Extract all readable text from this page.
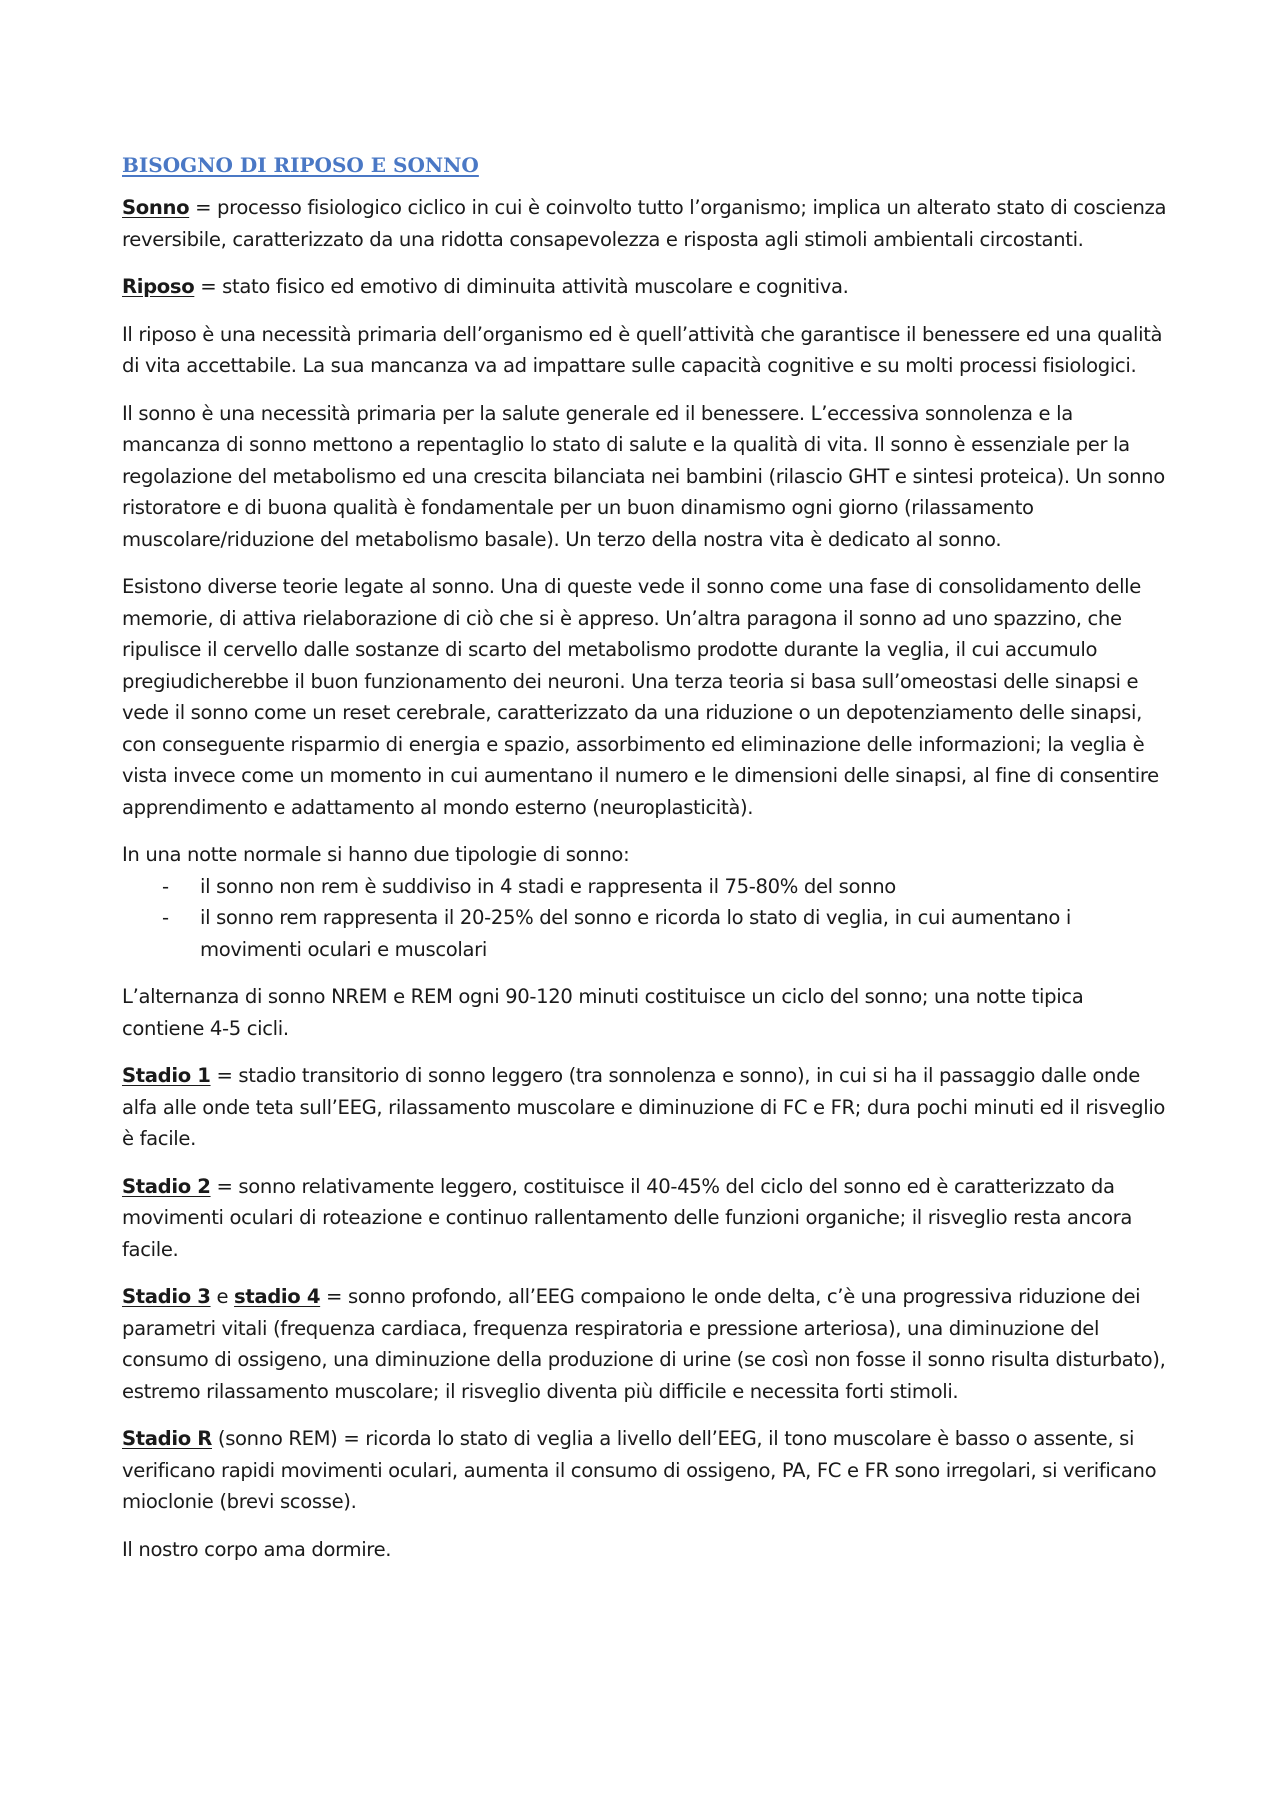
BISOGNO DI RIPOSO E SONNO

Sonno = processo fisiologico ciclico in cui è coinvolto tutto l’organismo; implica un alterato stato di coscienza reversibile, caratterizzato da una ridotta consapevolezza e risposta agli stimoli ambientali circostanti.

Riposo = stato fisico ed emotivo di diminuita attività muscolare e cognitiva.

Il riposo è una necessità primaria dell’organismo ed è quell’attività che garantisce il benessere ed una qualità di vita accettabile. La sua mancanza va ad impattare sulle capacità cognitive e su molti processi fisiologici.

Il sonno è una necessità primaria per la salute generale ed il benessere. L’eccessiva sonnolenza e la mancanza di sonno mettono a repentaglio lo stato di salute e la qualità di vita. Il sonno è essenziale per la regolazione del metabolismo ed una crescita bilanciata nei bambini (rilascio GHT e sintesi proteica). Un sonno ristoratore e di buona qualità è fondamentale per un buon dinamismo ogni giorno (rilassamento muscolare/riduzione del metabolismo basale). Un terzo della nostra vita è dedicato al sonno.

Esistono diverse teorie legate al sonno. Una di queste vede il sonno come una fase di consolidamento delle memorie, di attiva rielaborazione di ciò che si è appreso. Un’altra paragona il sonno ad uno spazzino, che ripulisce il cervello dalle sostanze di scarto del metabolismo prodotte durante la veglia, il cui accumulo pregiudicherebbe il buon funzionamento dei neuroni. Una terza teoria si basa sull’omeostasi delle sinapsi e vede il sonno come un reset cerebrale, caratterizzato da una riduzione o un depotenziamento delle sinapsi, con conseguente risparmio di energia e spazio, assorbimento ed eliminazione delle informazioni; la veglia è vista invece come un momento in cui aumentano il numero e le dimensioni delle sinapsi, al fine di consentire apprendimento e adattamento al mondo esterno (neuroplasticità).

In una notte normale si hanno due tipologie di sonno:

- il sonno non rem è suddiviso in 4 stadi e rappresenta il 75-80% del sonno
- il sonno rem rappresenta il 20-25% del sonno e ricorda lo stato di veglia, in cui aumentano i movimenti oculari e muscolari

L’alternanza di sonno NREM e REM ogni 90-120 minuti costituisce un ciclo del sonno; una notte tipica contiene 4-5 cicli.

Stadio 1 = stadio transitorio di sonno leggero (tra sonnolenza e sonno), in cui si ha il passaggio dalle onde alfa alle onde teta sull’EEG, rilassamento muscolare e diminuzione di FC e FR; dura pochi minuti ed il risveglio è facile.

Stadio 2 = sonno relativamente leggero, costituisce il 40-45% del ciclo del sonno ed è caratterizzato da movimenti oculari di roteazione e continuo rallentamento delle funzioni organiche; il risveglio resta ancora facile.

Stadio 3 e stadio 4 = sonno profondo, all’EEG compaiono le onde delta, c’è una progressiva riduzione dei parametri vitali (frequenza cardiaca, frequenza respiratoria e pressione arteriosa), una diminuzione del consumo di ossigeno, una diminuzione della produzione di urine (se così non fosse il sonno risulta disturbato), estremo rilassamento muscolare; il risveglio diventa più difficile e necessita forti stimoli.

Stadio R (sonno REM) = ricorda lo stato di veglia a livello dell’EEG, il tono muscolare è basso o assente, si verificano rapidi movimenti oculari, aumenta il consumo di ossigeno, PA, FC e FR sono irregolari, si verificano mioclonie (brevi scosse).

Il nostro corpo ama dormire.
